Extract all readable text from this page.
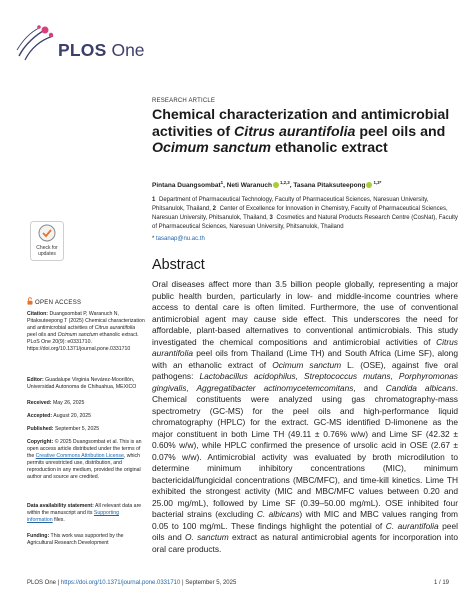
PLOS One
RESEARCH ARTICLE
Chemical characterization and antimicrobial activities of Citrus aurantifolia peel oils and Ocimum sanctum ethanolic extract
Pintana Duangsombat$^1$, Neti Waranuch $^{1,2,3}$, Tasana Pitaksuteepong $^{1,3*}$

1 Department of Pharmaceutical Technology, Faculty of Pharmaceutical Sciences, Naresuan University, Phitsanulok, Thailand, 2 Center of Excellence for Innovation in Chemistry, Faculty of Pharmaceutical Sciences, Naresuan University, Phitsanulok, Thailand, 3 Cosmetics and Natural Products Research Centre (CosNat), Faculty of Pharmaceutical Sciences, Naresuan University, Phitsanulok, Thailand

* tasanap@nu.ac.th
Abstract
Oral diseases affect more than 3.5 billion people globally, representing a major public health burden, particularly in low- and middle-income countries where access to dental care is often limited. Furthermore, the use of conventional antimicrobial agent may cause side effect. This underscores the need for affordable, plant-based alternatives to conventional antimicrobials. This study investigated the chemical compositions and antimicrobial activities of Citrus aurantifolia peel oils from Thailand (Lime TH) and South Africa (Lime SF), along with an ethanolic extract of Ocimum sanctum L. (OSE), against five oral pathogens: Lactobacillus acidophilus, Streptococcus mutans, Porphyromonas gingivalis, Aggregatibacter actinomycetemcomitans, and Candida albicans. Chemical constituents were analyzed using gas chromatography-mass spectrometry (GC-MS) for the peel oils and high-performance liquid chromatography (HPLC) for the extract. GC-MS identified D-limonene as the major constituent in both Lime TH (49.11 ± 0.76% w/w) and Lime SF (42.32 ± 0.60% w/w), while HPLC confirmed the presence of ursolic acid in OSE (2.67 ± 0.07% w/w). Antimicrobial activity was evaluated by broth microdilution to determine minimum inhibitory concentrations (MIC), minimum bactericidal/fungicidal concentrations (MBC/MFC), and time-kill kinetics. Lime TH exhibited the strongest activity (MIC and MBC/MFC values between 0.20 and 25.00 mg/mL), followed by Lime SF (0.39–50.00 mg/mL). OSE inhibited four bacterial strains (excluding C. albicans) with MIC and MBC values ranging from 0.05 to 100 mg/mL. These findings highlight the potential of C. aurantifolia peel oils and O. sanctum extract as natural antimicrobial agents for incorporation into oral care products.
Check for
updates
OPEN ACCESS

Citation: Duangsombat P, Waranuch N, Pitaksuteepong T (2025) Chemical characterization and antimicrobial activities of Citrus aurantifolia peel oils and Ocimum sanctum ethanolic extract. PLoS One 20(9): e0331710. https://doi.org/10.1371/journal.pone.0331710

Editor: Guadalupe Virginia Nevárez-Moorillón, Universidad Autonoma de Chihuahua, MEXICO

Received: May 26, 2025

Accepted: August 20, 2025

Published: September 5, 2025

Copyright: © 2025 Duangsombat et al. This is an open access article distributed under the terms of the Creative Commons Attribution License, which permits unrestricted use, distribution, and reproduction in any medium, provided the original author and source are credited.

Data availability statement: All relevant data are within the manuscript and its Supporting information files.

Funding: This work was supported by the Agricultural Research Development

PLOS One | https://doi.org/10.1371/journal.pone.0331710 | September 5, 2025	1 / 19
